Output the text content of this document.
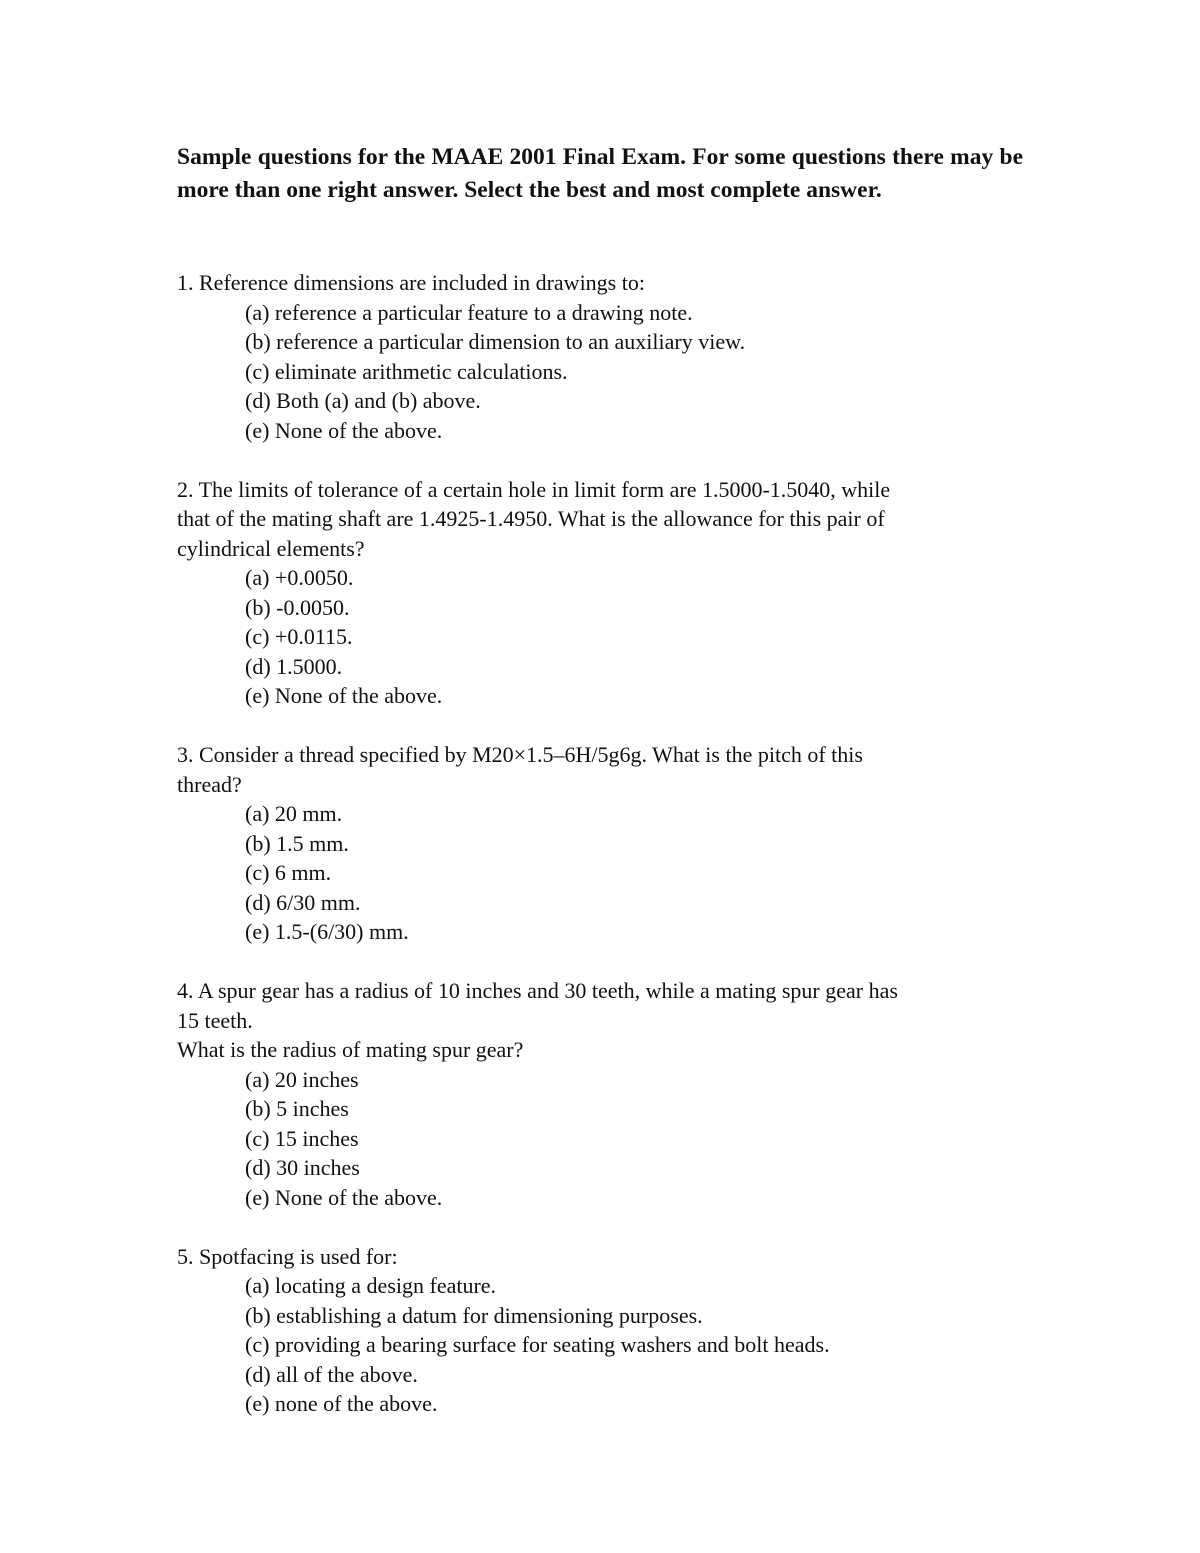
Sample questions for the MAAE 2001 Final Exam. For some questions there may be more than one right answer. Select the best and most complete answer.

1. Reference dimensions are included in drawings to:
(a) reference a particular feature to a drawing note.
(b) reference a particular dimension to an auxiliary view.
(c) eliminate arithmetic calculations.
(d) Both (a) and (b) above.
(e) None of the above.
2. The limits of tolerance of a certain hole in limit form are 1.5000-1.5040, while
that of the mating shaft are 1.4925-1.4950. What is the allowance for this pair of
cylindrical elements?
(a) +0.0050.
(b) -0.0050.
(c) +0.0115.
(d) 1.5000.
(e) None of the above.
3. Consider a thread specified by M20×1.5–6H/5g6g. What is the pitch of this
thread?
(a) 20 mm.
(b) 1.5 mm.
(c) 6 mm.
(d) 6/30 mm.
(e) 1.5-(6/30) mm.
4. A spur gear has a radius of 10 inches and 30 teeth, while a mating spur gear has
15 teeth.
What is the radius of mating spur gear?
(a) 20 inches
(b) 5 inches
(c) 15 inches
(d) 30 inches
(e) None of the above.
5. Spotfacing is used for:
(a) locating a design feature.
(b) establishing a datum for dimensioning purposes.
(c) providing a bearing surface for seating washers and bolt heads.
(d) all of the above.
(e) none of the above.
